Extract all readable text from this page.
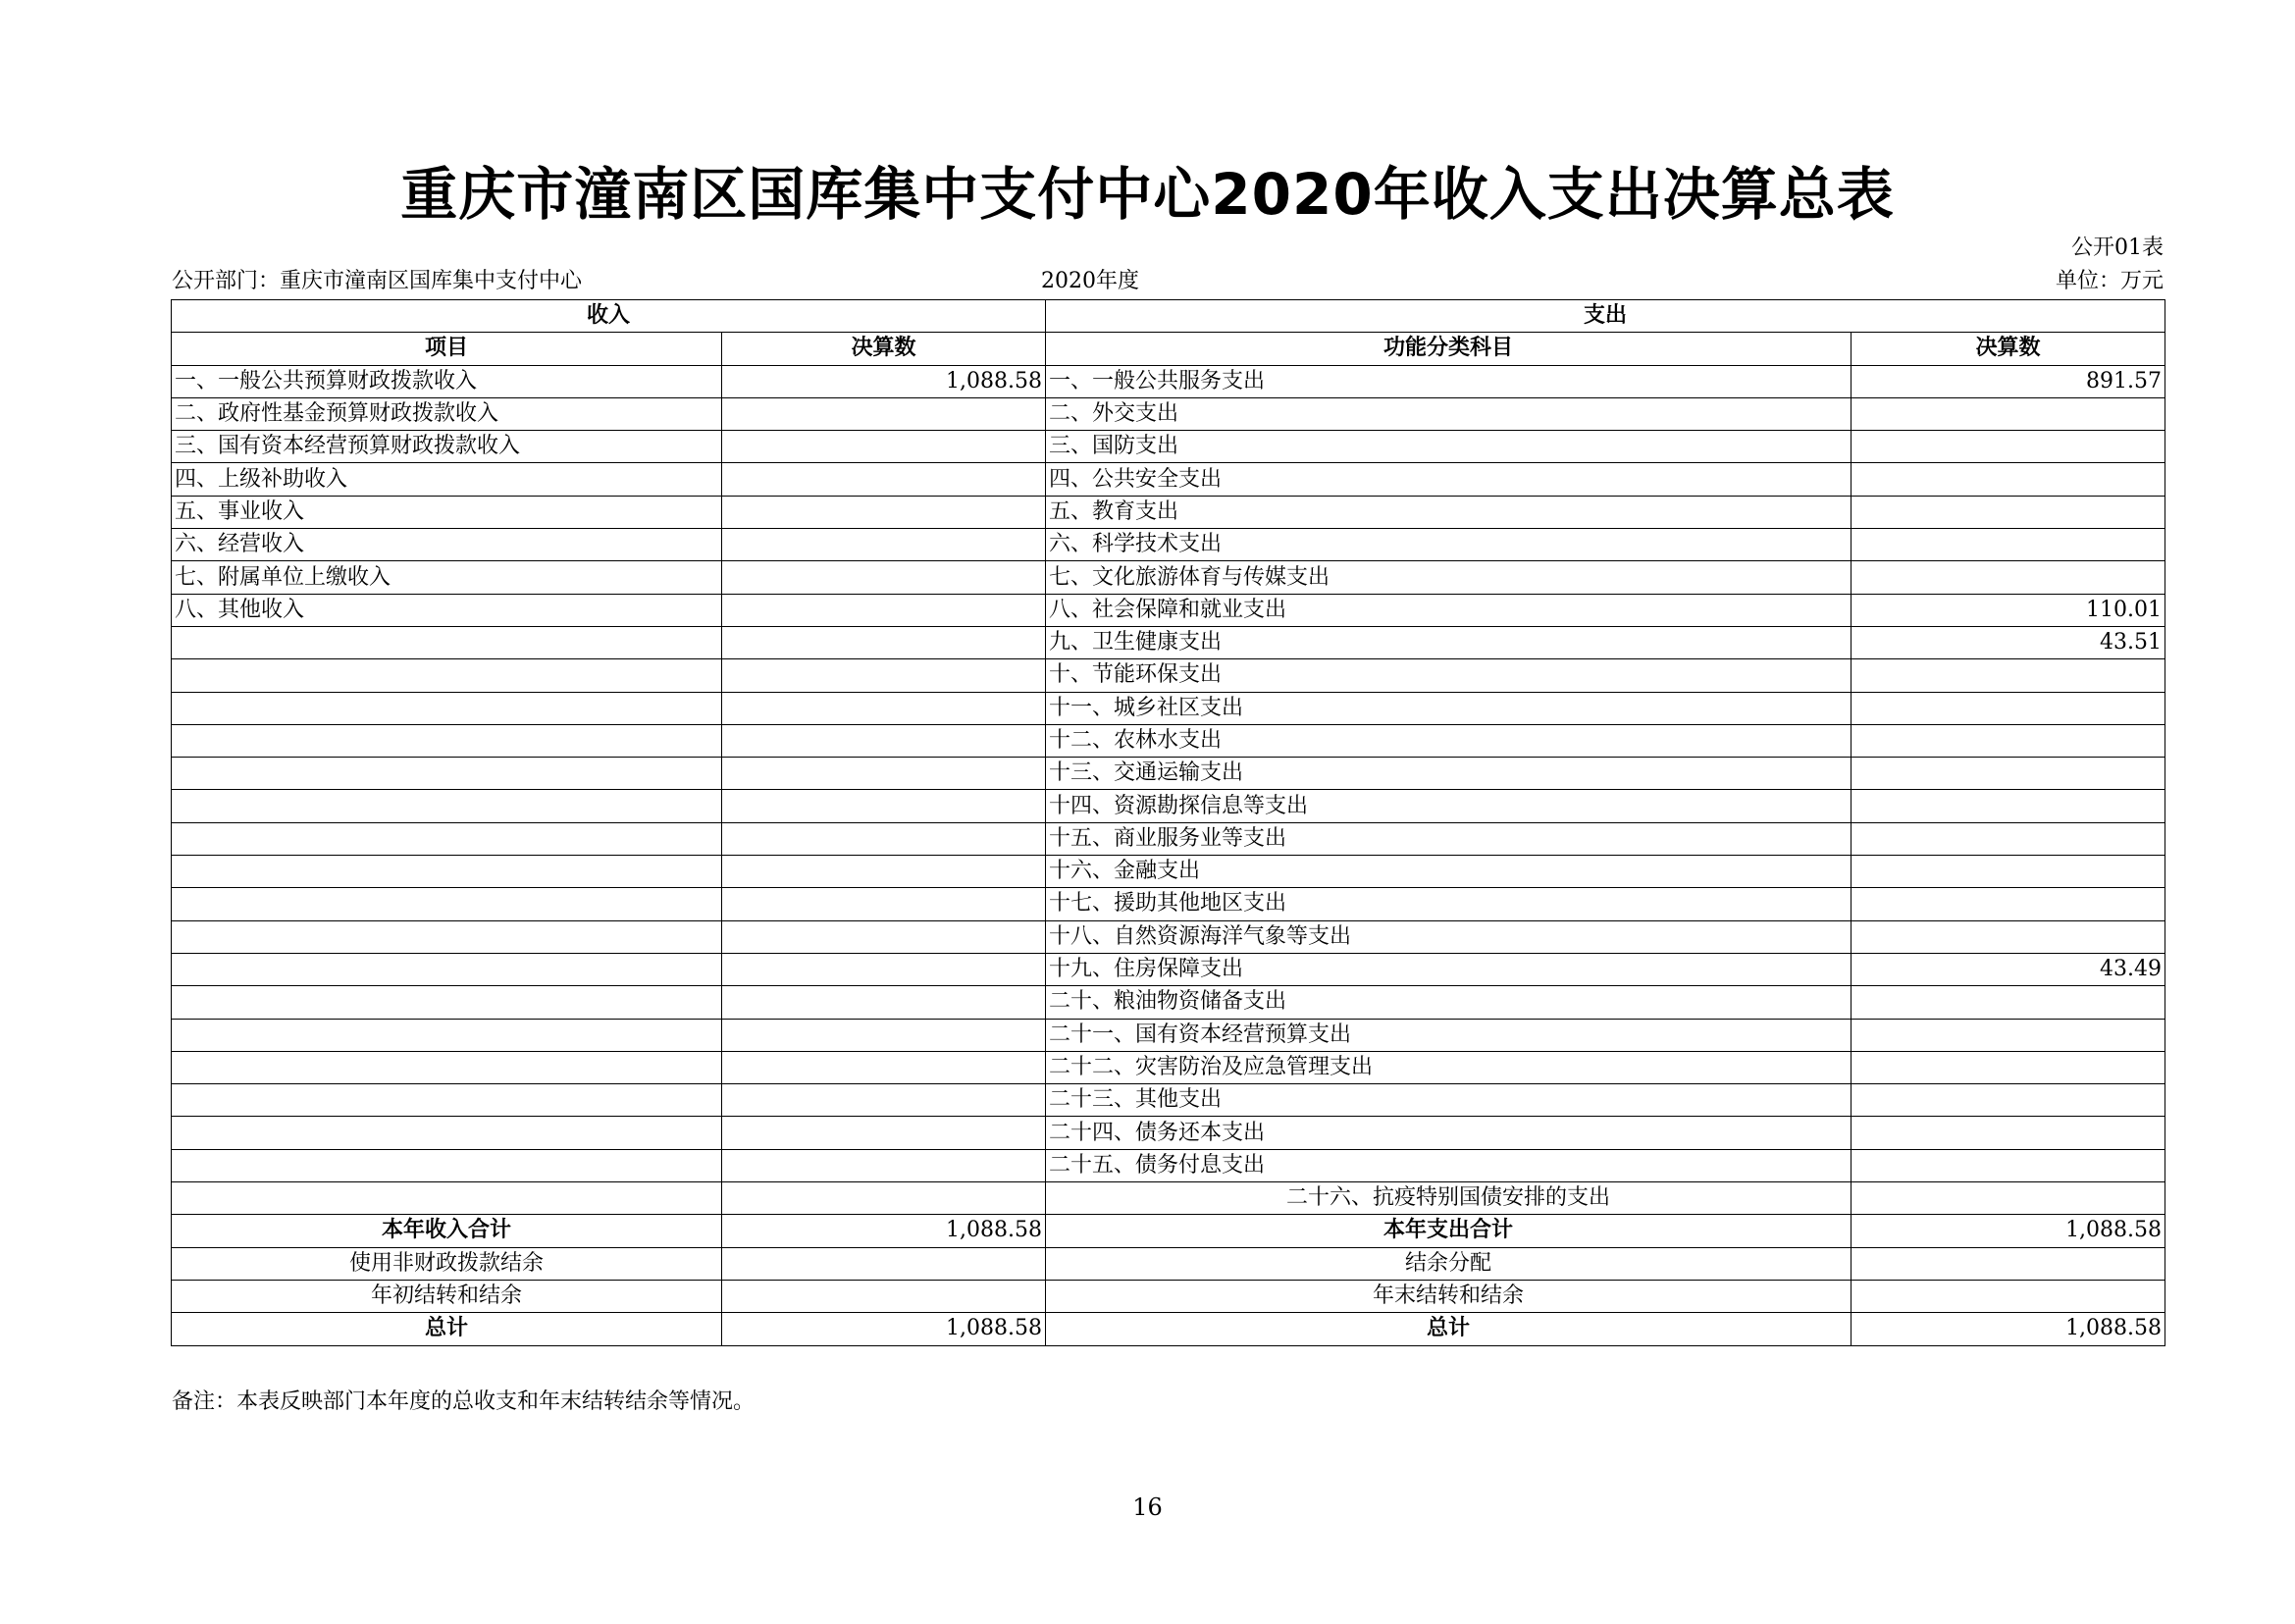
重庆市潼南区国库集中支付中心2020年收入支出决算总表
公开01表
公开部门：重庆市潼南区国库集中支付中心	2020年度	单位：万元
收入		支出	
项目	决算数	功能分类科目	决算数
一、一般公共预算财政拨款收入	1,088.58	一、一般公共服务支出	891.57
二、政府性基金预算财政拨款收入		二、外交支出	
三、国有资本经营预算财政拨款收入		三、国防支出	
四、上级补助收入		四、公共安全支出	
五、事业收入		五、教育支出	
六、经营收入		六、科学技术支出	
七、附属单位上缴收入		七、文化旅游体育与传媒支出	
八、其他收入		八、社会保障和就业支出	110.01
		九、卫生健康支出	43.51
		十、节能环保支出	
		十一、城乡社区支出	
		十二、农林水支出	
		十三、交通运输支出	
		十四、资源勘探信息等支出	
		十五、商业服务业等支出	
		十六、金融支出	
		十七、援助其他地区支出	
		十八、自然资源海洋气象等支出	
		十九、住房保障支出	43.49
		二十、粮油物资储备支出	
		二十一、国有资本经营预算支出	
		二十二、灾害防治及应急管理支出	
		二十三、其他支出	
		二十四、债务还本支出	
		二十五、债务付息支出	
		二十六、抗疫特别国债安排的支出	
本年收入合计	1,088.58	本年支出合计	1,088.58
使用非财政拨款结余		结余分配	
年初结转和结余		年末结转和结余	
总计	1,088.58	总计	1,088.58
备注：本表反映部门本年度的总收支和年末结转结余等情况。
16
